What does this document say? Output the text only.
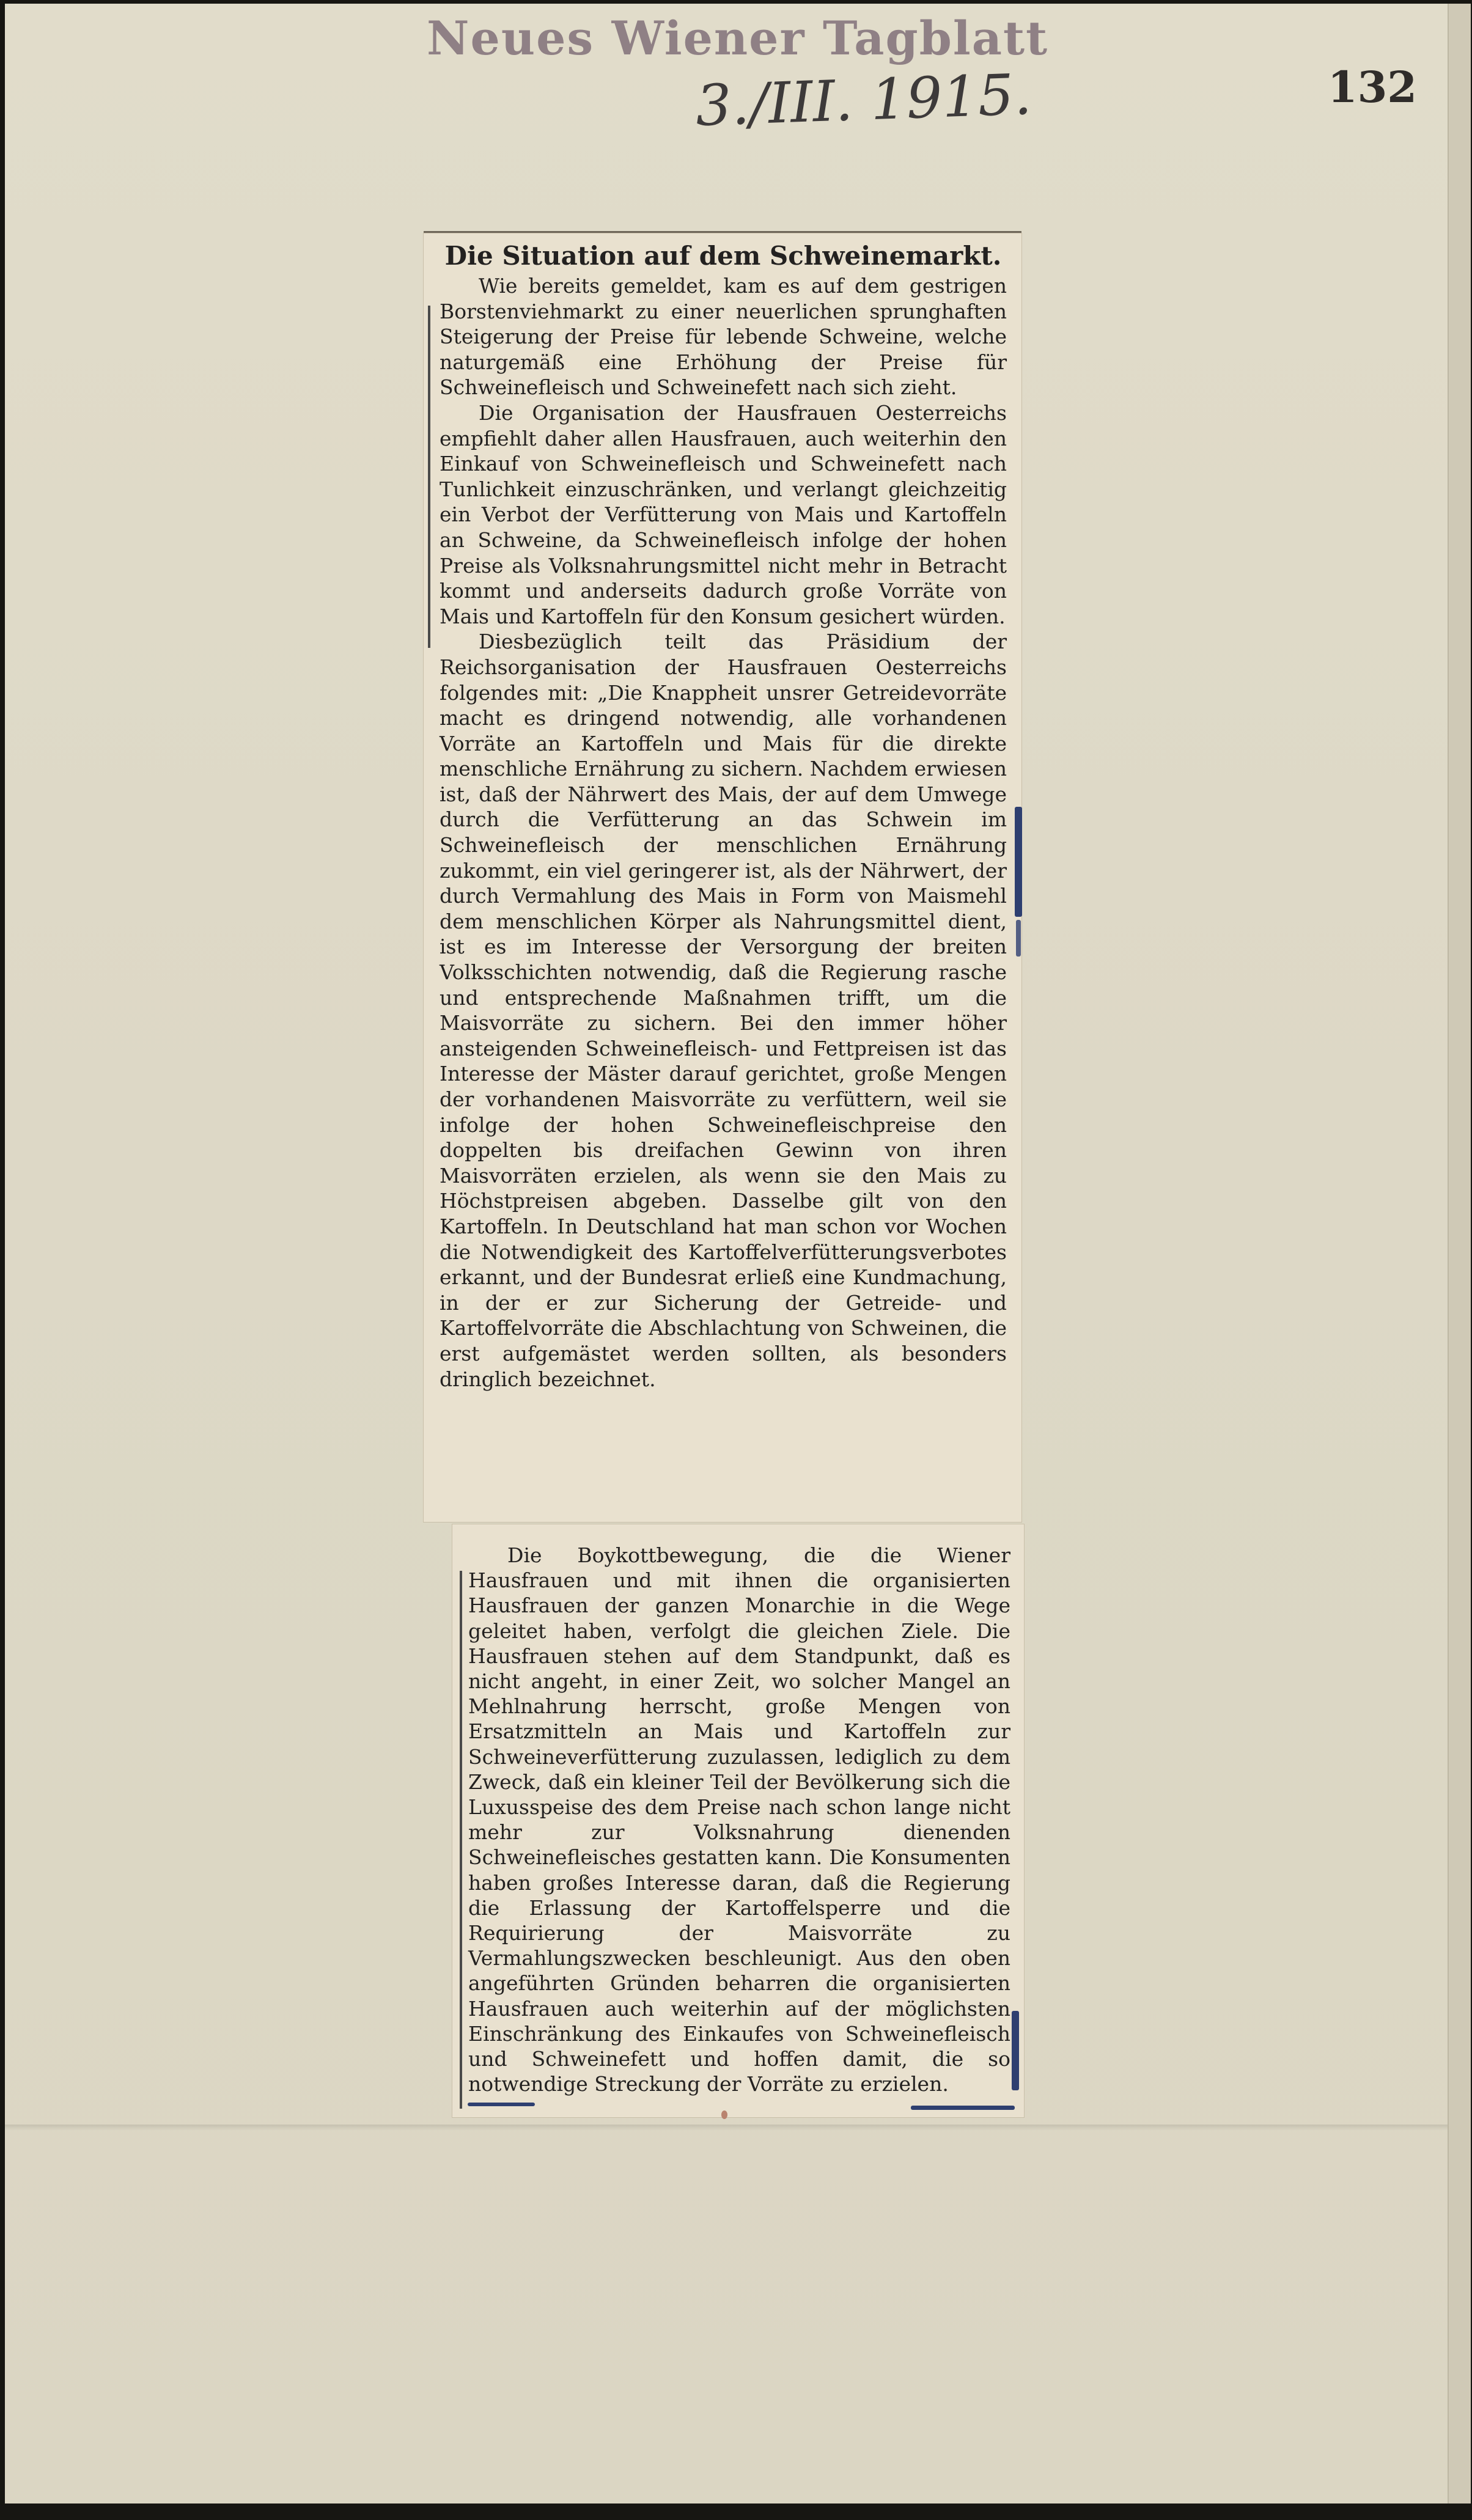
Neues Wiener Tagblatt
3./III. 1915.	132
Die Situation auf dem Schweinemarkt.

Wie bereits gemeldet, kam es auf dem gestrigen Borstenviehmarkt zu einer neuerlichen sprunghaften Steigerung der Preise für lebende Schweine, welche naturgemäß eine Erhöhung der Preise für Schweinefleisch und Schweinefett nach sich zieht.

Die Organisation der Hausfrauen Oesterreichs empfiehlt daher allen Hausfrauen, auch weiterhin den Einkauf von Schweinefleisch und Schweinefett nach Tunlichkeit einzuschränken, und verlangt gleichzeitig ein Verbot der Verfütterung von Mais und Kartoffeln an Schweine, da Schweinefleisch infolge der hohen Preise als Volksnahrungsmittel nicht mehr in Betracht kommt und anderseits dadurch große Vorräte von Mais und Kartoffeln für den Konsum gesichert würden.

Diesbezüglich teilt das Präsidium der Reichsorganisation der Hausfrauen Oesterreichs folgendes mit: „Die Knappheit unsrer Getreidevorräte macht es dringend notwendig, alle vorhandenen Vorräte an Kartoffeln und Mais für die direkte menschliche Ernährung zu sichern. Nachdem erwiesen ist, daß der Nährwert des Mais, der auf dem Umwege durch die Verfütterung an das Schwein im Schweinefleisch der menschlichen Ernährung zukommt, ein viel geringerer ist, als der Nährwert, der durch Vermahlung des Mais in Form von Maismehl dem menschlichen Körper als Nahrungsmittel dient, ist es im Interesse der Versorgung der breiten Volksschichten notwendig, daß die Regierung rasche und entsprechende Maßnahmen trifft, um die Maisvorräte zu sichern. Bei den immer höher ansteigenden Schweinefleisch- und Fettpreisen ist das Interesse der Mäster darauf gerichtet, große Mengen der vorhandenen Maisvorräte zu verfüttern, weil sie infolge der hohen Schweinefleischpreise den doppelten bis dreifachen Gewinn von ihren Maisvorräten erzielen, als wenn sie den Mais zu Höchstpreisen abgeben. Dasselbe gilt von den Kartoffeln. In Deutschland hat man schon vor Wochen die Notwendigkeit des Kartoffelverfütterungsverbotes erkannt, und der Bundesrat erließ eine Kundmachung, in der er zur Sicherung der Getreide- und Kartoffelvorräte die Abschlachtung von Schweinen, die erst aufgemästet werden sollten, als besonders dringlich bezeichnet.

Die Boykottbewegung, die die Wiener Hausfrauen und mit ihnen die organisierten Hausfrauen der ganzen Monarchie in die Wege geleitet haben, verfolgt die gleichen Ziele. Die Hausfrauen stehen auf dem Standpunkt, daß es nicht angeht, in einer Zeit, wo solcher Mangel an Mehlnahrung herrscht, große Mengen von Ersatzmitteln an Mais und Kartoffeln zur Schweineverfütterung zuzulassen, lediglich zu dem Zweck, daß ein kleiner Teil der Bevölkerung sich die Luxusspeise des dem Preise nach schon lange nicht mehr zur Volksnahrung dienenden Schweinefleisches gestatten kann. Die Konsumenten haben großes Interesse daran, daß die Regierung die Erlassung der Kartoffelsperre und die Requirierung der Maisvorräte zu Vermahlungszwecken beschleunigt. Aus den oben angeführten Gründen beharren die organisierten Hausfrauen auch weiterhin auf der möglichsten Einschränkung des Einkaufes von Schweinefleisch und Schweinefett und hoffen damit, die so notwendige Streckung der Vorräte zu erzielen.
